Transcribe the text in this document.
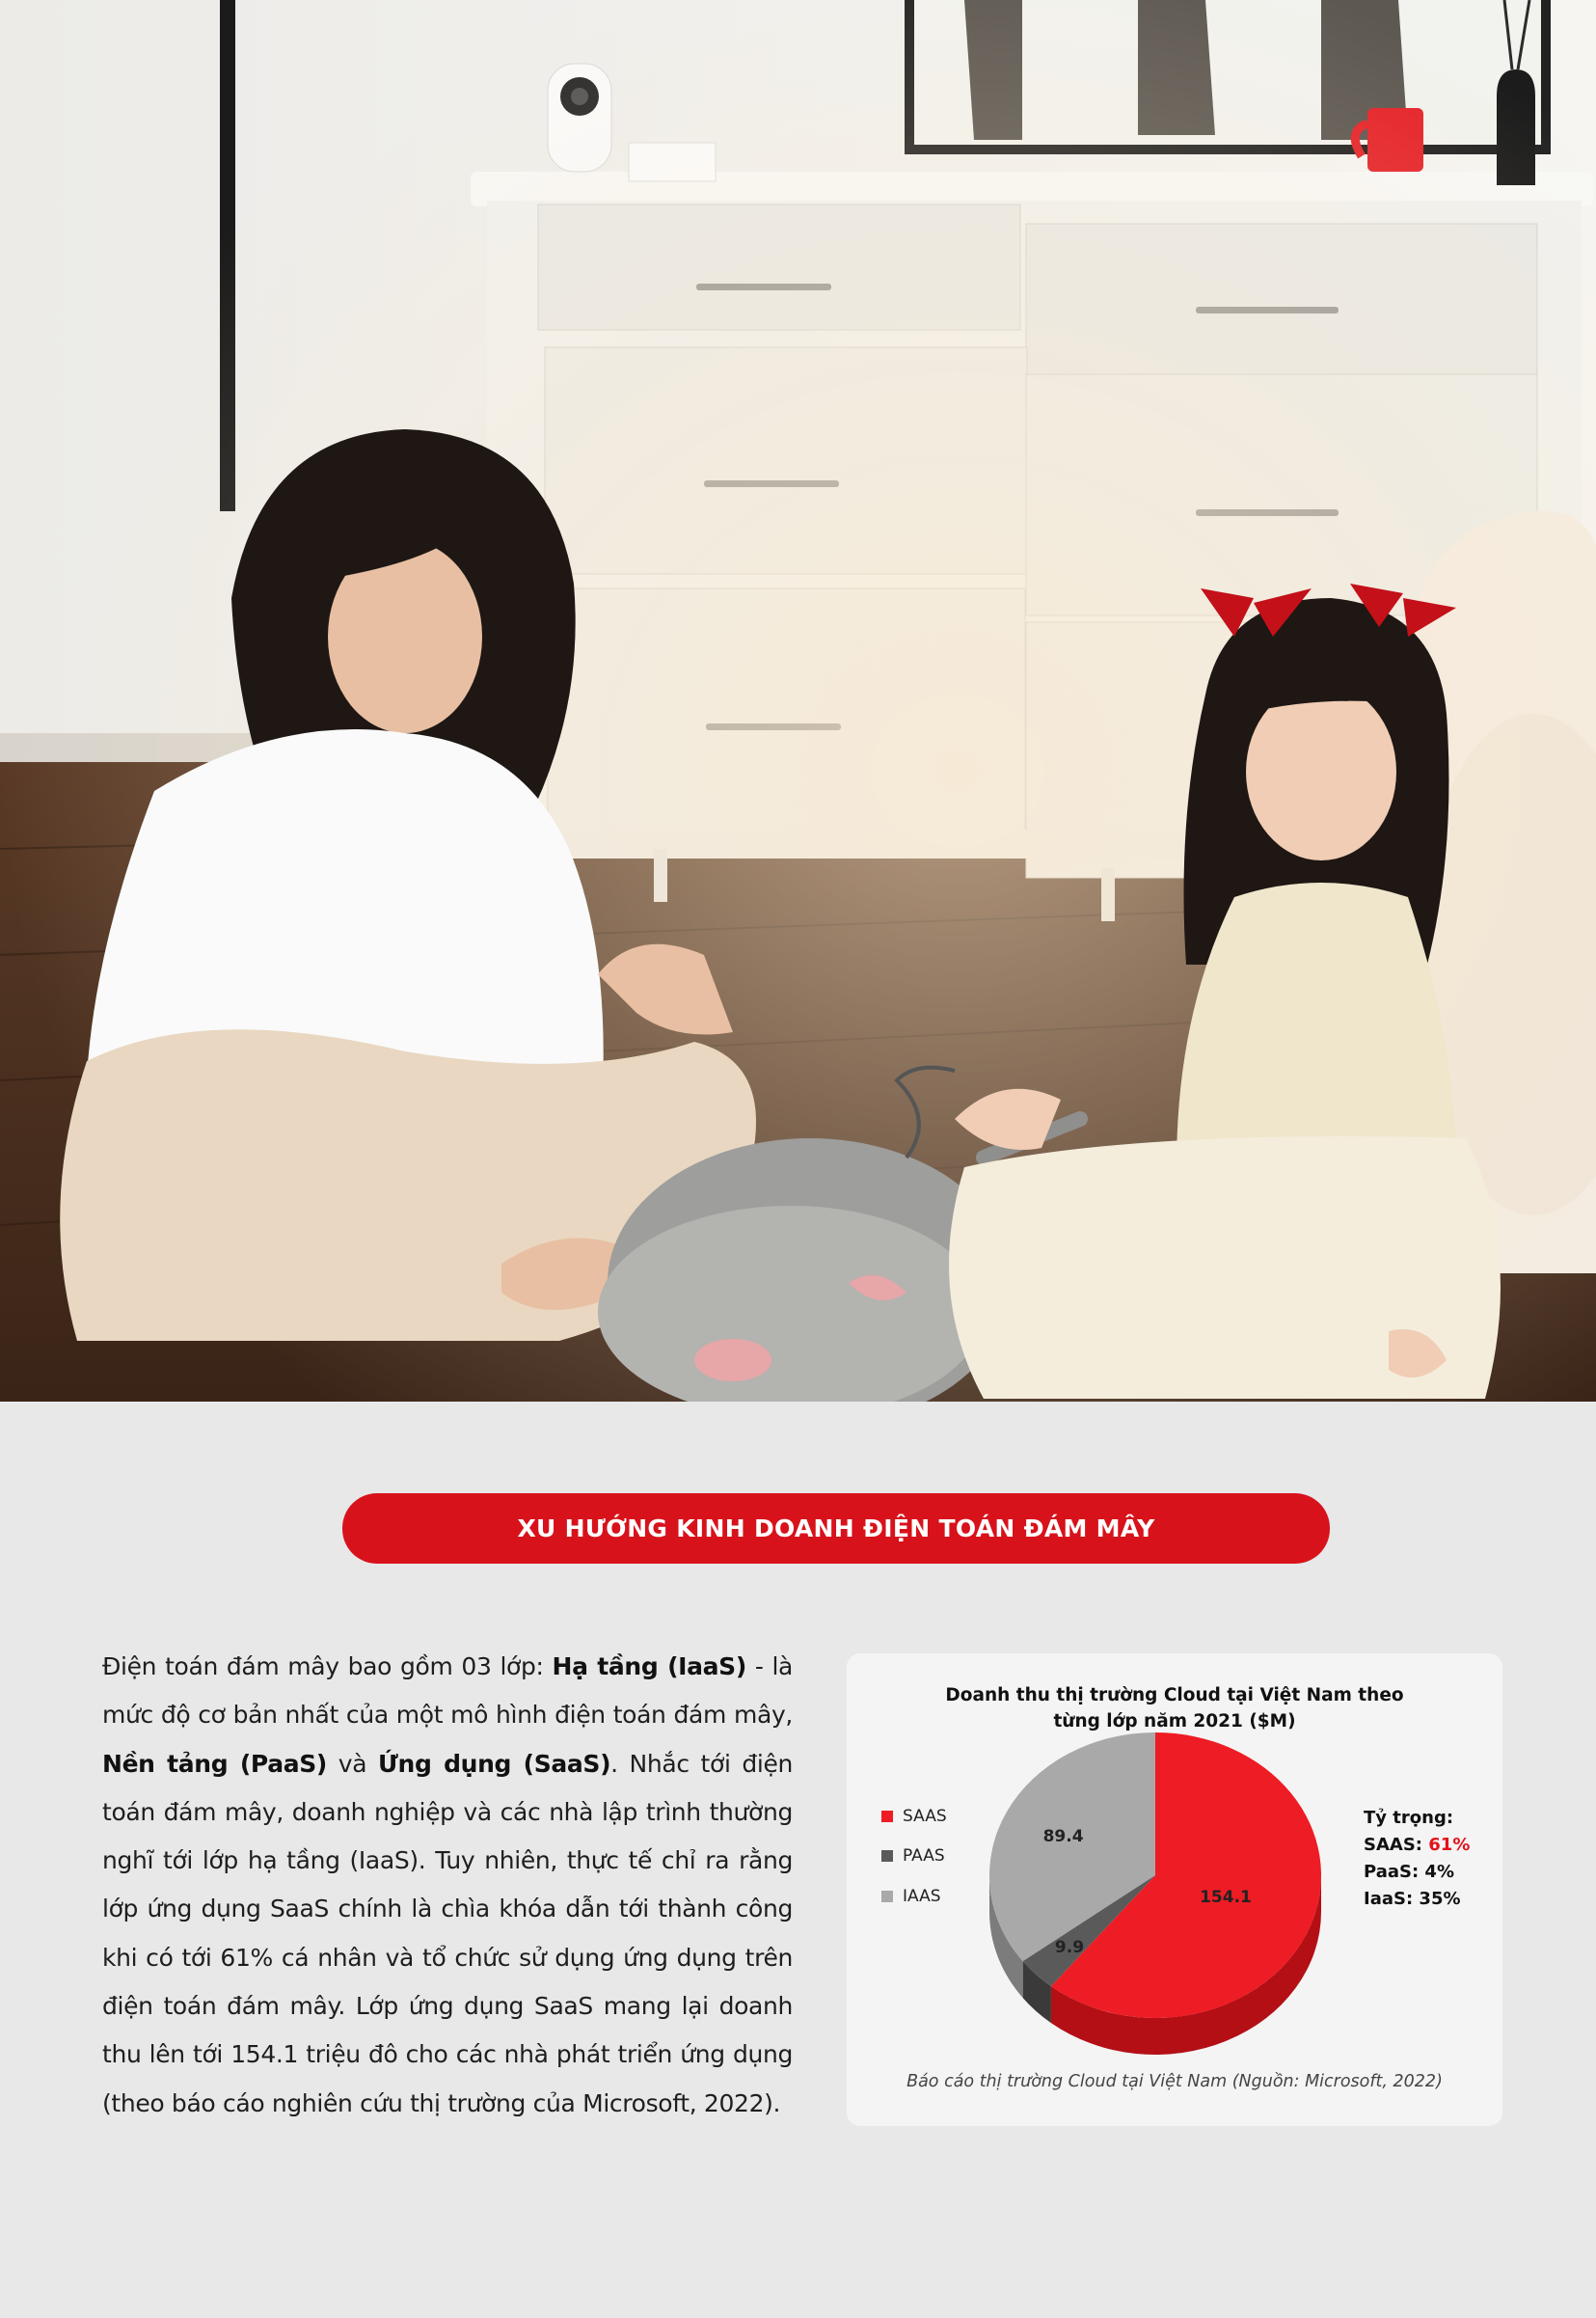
XU HƯỚNG KINH DOANH ĐIỆN TOÁN ĐÁM MÂY
Điện toán đám mây bao gồm 03 lớp: Hạ tầng (IaaS) - là mức độ cơ bản nhất của một mô hình điện toán đám mây, Nền tảng (PaaS) và Ứng dụng (SaaS). Nhắc tới điện toán đám mây, doanh nghiệp và các nhà lập trình thường nghĩ tới lớp hạ tầng (IaaS). Tuy nhiên, thực tế chỉ ra rằng lớp ứng dụng SaaS chính là chìa khóa dẫn tới thành công khi có tới 61% cá nhân và tổ chức sử dụng ứng dụng trên điện toán đám mây. Lớp ứng dụng SaaS mang lại doanh thu lên tới 154.1 triệu đô cho các nhà phát triển ứng dụng (theo báo cáo nghiên cứu thị trường của Microsoft, 2022).
Doanh thu thị trường Cloud tại Việt Nam theo
từng lớp năm 2021 ($M)
SAAS
PAAS
IAAS	154.1
9.9
89.4
Tỷ trọng:
SAAS: 61%
PaaS: 4%
IaaS: 35%
Báo cáo thị trường Cloud tại Việt Nam (Nguồn: Microsoft, 2022)
